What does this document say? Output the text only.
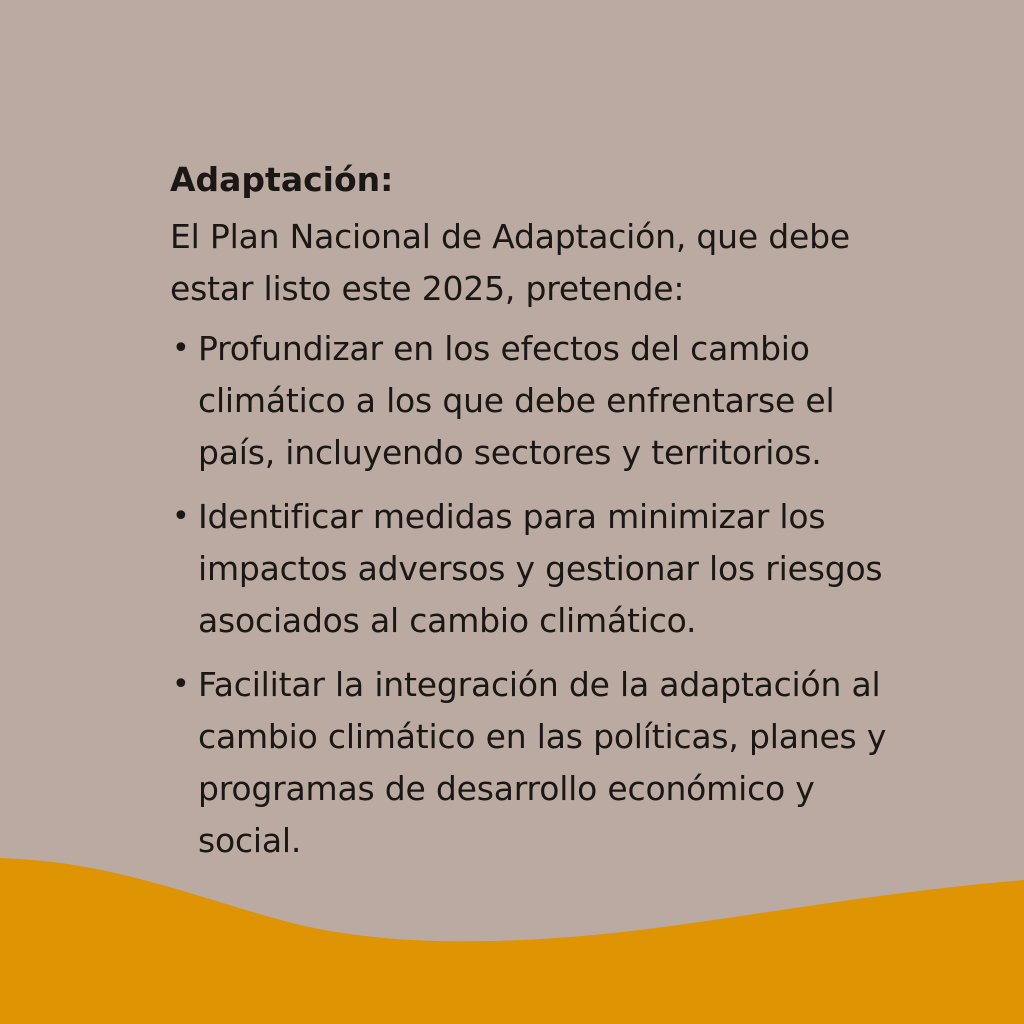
Adaptación:

El Plan Nacional de Adaptación, que debe estar listo este 2025, pretende:

• Profundizar en los efectos del cambio climático a los que debe enfrentarse el país, incluyendo sectores y territorios.
• Identificar medidas para minimizar los impactos adversos y gestionar los riesgos asociados al cambio climático.
• Facilitar la integración de la adaptación al cambio climático en las políticas, planes y programas de desarrollo económico y social.
